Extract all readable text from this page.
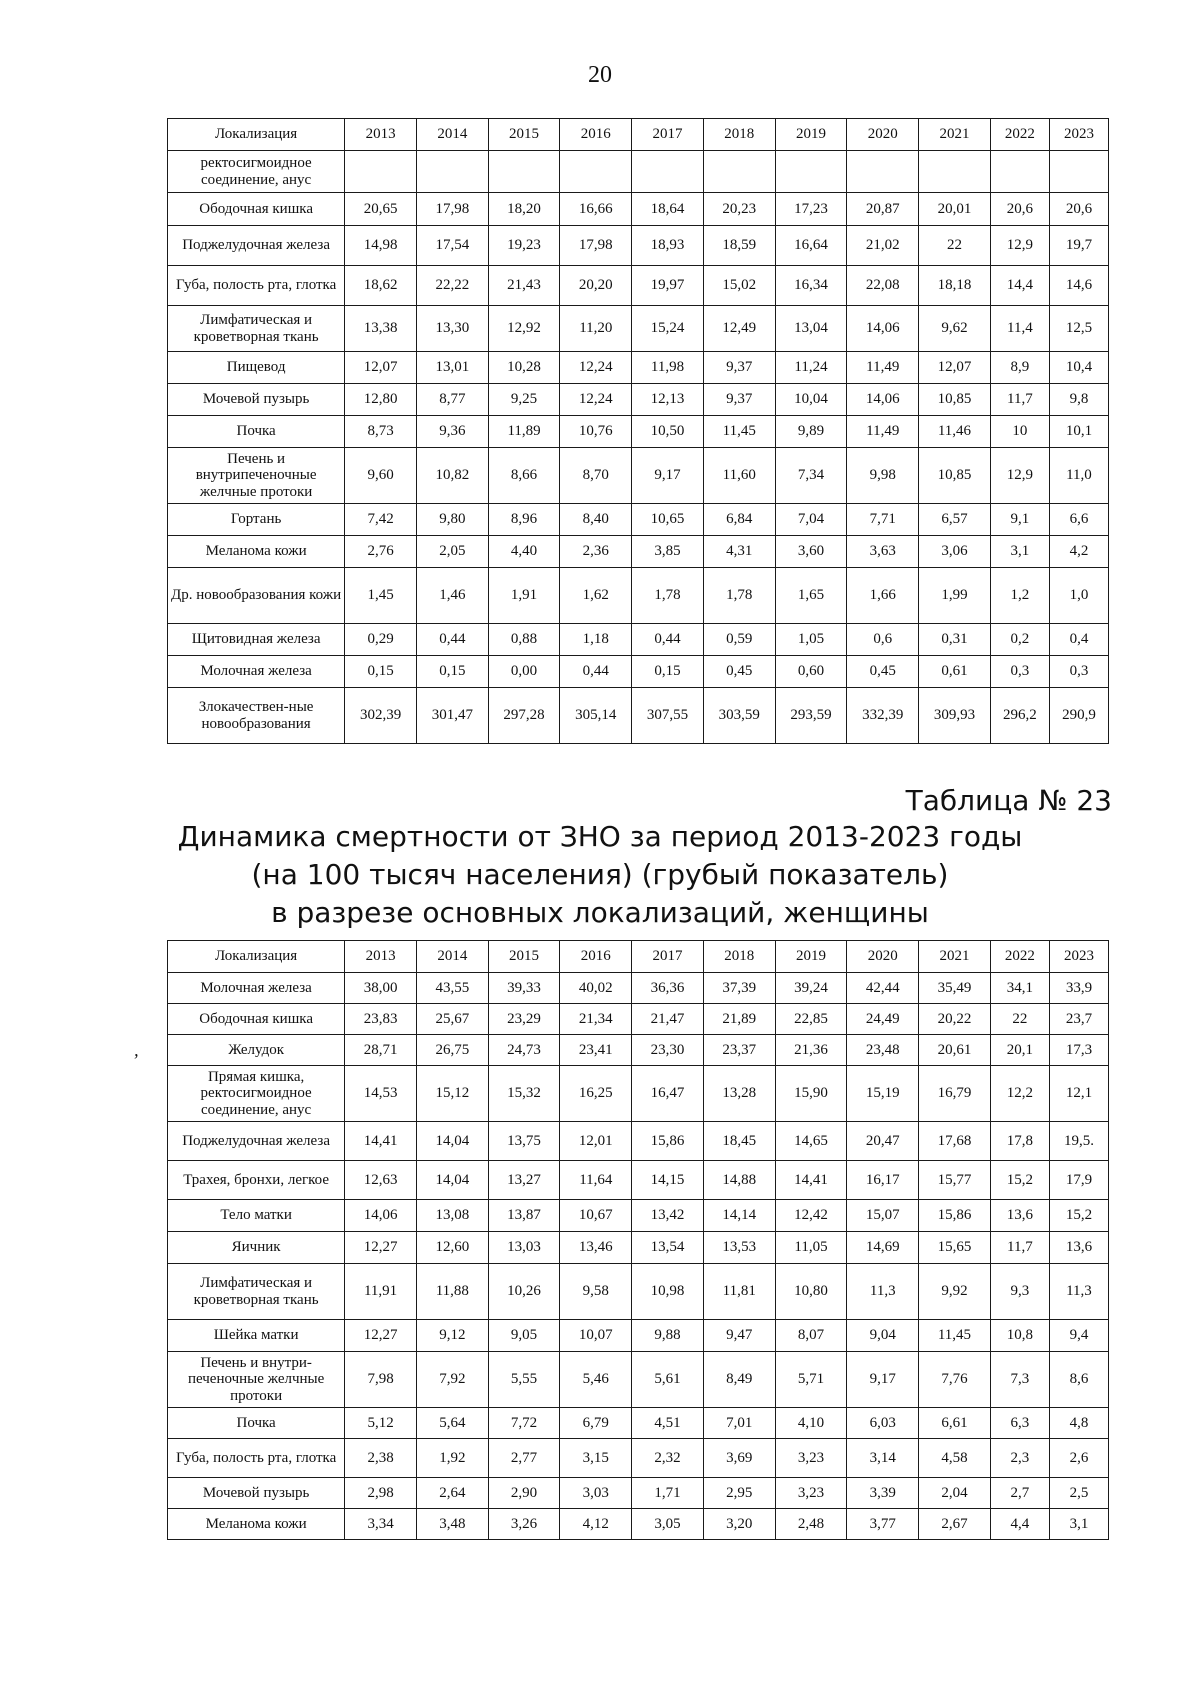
20
Локализация	2013	2014	2015	2016	2017	2018	2019	2020	2021	2022	2023
ректосигмоидное соединение, анус											
Ободочная кишка	20,65	17,98	18,20	16,66	18,64	20,23	17,23	20,87	20,01	20,6	20,6
Поджелудочная железа	14,98	17,54	19,23	17,98	18,93	18,59	16,64	21,02	22	12,9	19,7
Губа, полость рта, глотка	18,62	22,22	21,43	20,20	19,97	15,02	16,34	22,08	18,18	14,4	14,6
Лимфатическая и кроветворная ткань	13,38	13,30	12,92	11,20	15,24	12,49	13,04	14,06	9,62	11,4	12,5
Пищевод	12,07	13,01	10,28	12,24	11,98	9,37	11,24	11,49	12,07	8,9	10,4
Мочевой пузырь	12,80	8,77	9,25	12,24	12,13	9,37	10,04	14,06	10,85	11,7	9,8
Почка	8,73	9,36	11,89	10,76	10,50	11,45	9,89	11,49	11,46	10	10,1
Печень и внутрипеченочные желчные протоки	9,60	10,82	8,66	8,70	9,17	11,60	7,34	9,98	10,85	12,9	11,0
Гортань	7,42	9,80	8,96	8,40	10,65	6,84	7,04	7,71	6,57	9,1	6,6
Меланома кожи	2,76	2,05	4,40	2,36	3,85	4,31	3,60	3,63	3,06	3,1	4,2
Др. новообразования кожи	1,45	1,46	1,91	1,62	1,78	1,78	1,65	1,66	1,99	1,2	1,0
Щитовидная железа	0,29	0,44	0,88	1,18	0,44	0,59	1,05	0,6	0,31	0,2	0,4
Молочная железа	0,15	0,15	0,00	0,44	0,15	0,45	0,60	0,45	0,61	0,3	0,3
Злокачествен-ные новообразования	302,39	301,47	297,28	305,14	307,55	303,59	293,59	332,39	309,93	296,2	290,9
Таблица № 23
Динамика смертности от ЗНО за период 2013-2023 годы
(на 100 тысяч населения) (грубый показатель)
в разрезе основных локализаций, женщины
ʼ
Локализация	2013	2014	2015	2016	2017	2018	2019	2020	2021	2022	2023
Молочная железа	38,00	43,55	39,33	40,02	36,36	37,39	39,24	42,44	35,49	34,1	33,9
Ободочная кишка	23,83	25,67	23,29	21,34	21,47	21,89	22,85	24,49	20,22	22	23,7
Желудок	28,71	26,75	24,73	23,41	23,30	23,37	21,36	23,48	20,61	20,1	17,3
Прямая кишка, ректосигмоидное соединение, анус	14,53	15,12	15,32	16,25	16,47	13,28	15,90	15,19	16,79	12,2	12,1
Поджелудочная железа	14,41	14,04	13,75	12,01	15,86	18,45	14,65	20,47	17,68	17,8	19,5.
Трахея, бронхи, легкое	12,63	14,04	13,27	11,64	14,15	14,88	14,41	16,17	15,77	15,2	17,9
Тело матки	14,06	13,08	13,87	10,67	13,42	14,14	12,42	15,07	15,86	13,6	15,2
Яичник	12,27	12,60	13,03	13,46	13,54	13,53	11,05	14,69	15,65	11,7	13,6
Лимфатическая и кроветворная ткань	11,91	11,88	10,26	9,58	10,98	11,81	10,80	11,3	9,92	9,3	11,3
Шейка матки	12,27	9,12	9,05	10,07	9,88	9,47	8,07	9,04	11,45	10,8	9,4
Печень и внутри-печеночные желчные протоки	7,98	7,92	5,55	5,46	5,61	8,49	5,71	9,17	7,76	7,3	8,6
Почка	5,12	5,64	7,72	6,79	4,51	7,01	4,10	6,03	6,61	6,3	4,8
Губа, полость рта, глотка	2,38	1,92	2,77	3,15	2,32	3,69	3,23	3,14	4,58	2,3	2,6
Мочевой пузырь	2,98	2,64	2,90	3,03	1,71	2,95	3,23	3,39	2,04	2,7	2,5
Меланома кожи	3,34	3,48	3,26	4,12	3,05	3,20	2,48	3,77	2,67	4,4	3,1
